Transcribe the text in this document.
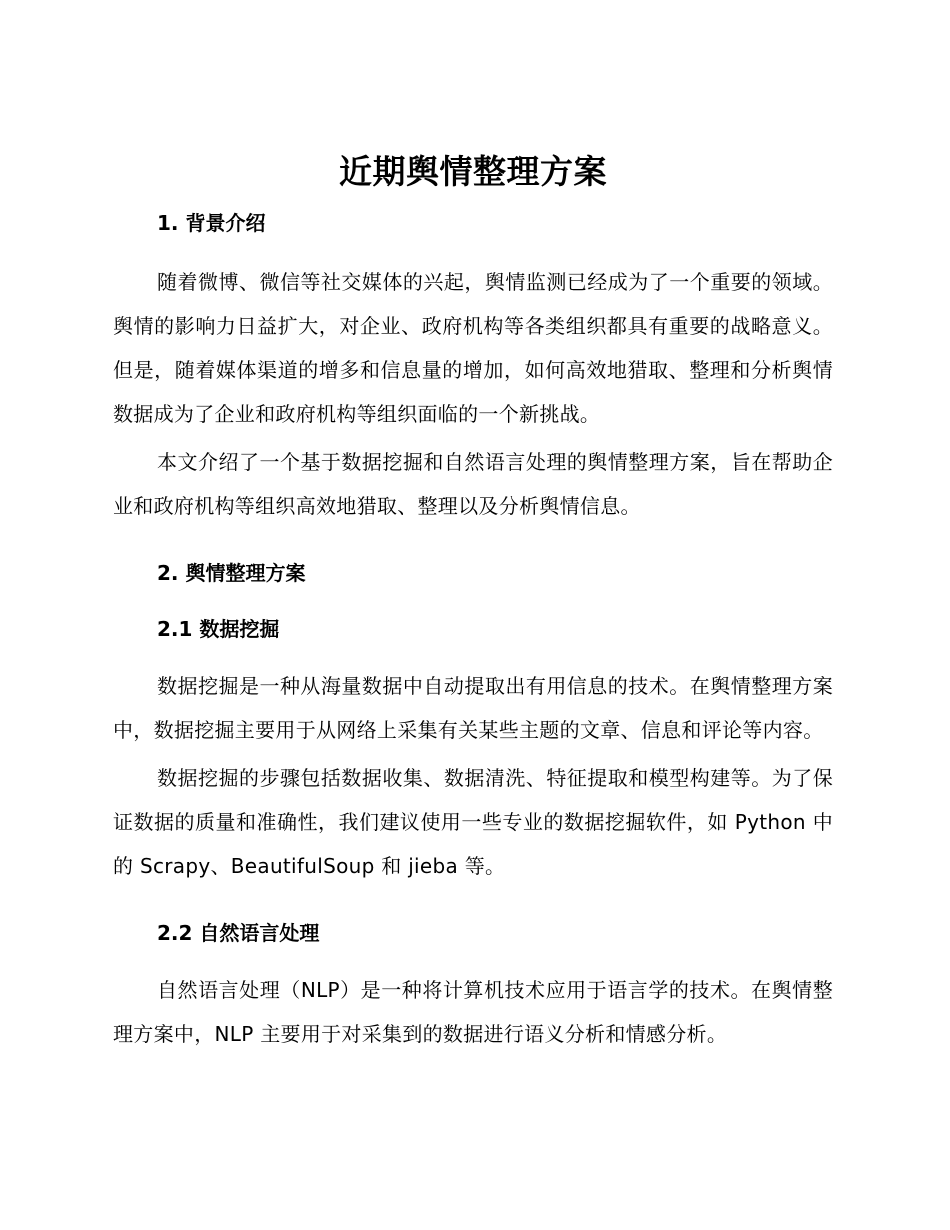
近期舆情整理方案
1. 背景介绍

随着微博、微信等社交媒体的兴起，舆情监测已经成为了一个重要的领域。舆情的影响力日益扩大，对企业、政府机构等各类组织都具有重要的战略意义。但是，随着媒体渠道的增多和信息量的增加，如何高效地猎取、整理和分析舆情数据成为了企业和政府机构等组织面临的一个新挑战。

本文介绍了一个基于数据挖掘和自然语言处理的舆情整理方案，旨在帮助企业和政府机构等组织高效地猎取、整理以及分析舆情信息。

2. 舆情整理方案
2.1 数据挖掘

数据挖掘是一种从海量数据中自动提取出有用信息的技术。在舆情整理方案中，数据挖掘主要用于从网络上采集有关某些主题的文章、信息和评论等内容。

数据挖掘的步骤包括数据收集、数据清洗、特征提取和模型构建等。为了保证数据的质量和准确性，我们建议使用一些专业的数据挖掘软件，如 Python 中的 Scrapy、BeautifulSoup 和 jieba 等。

2.2 自然语言处理

自然语言处理（NLP）是一种将计算机技术应用于语言学的技术。在舆情整理方案中，NLP 主要用于对采集到的数据进行语义分析和情感分析。
